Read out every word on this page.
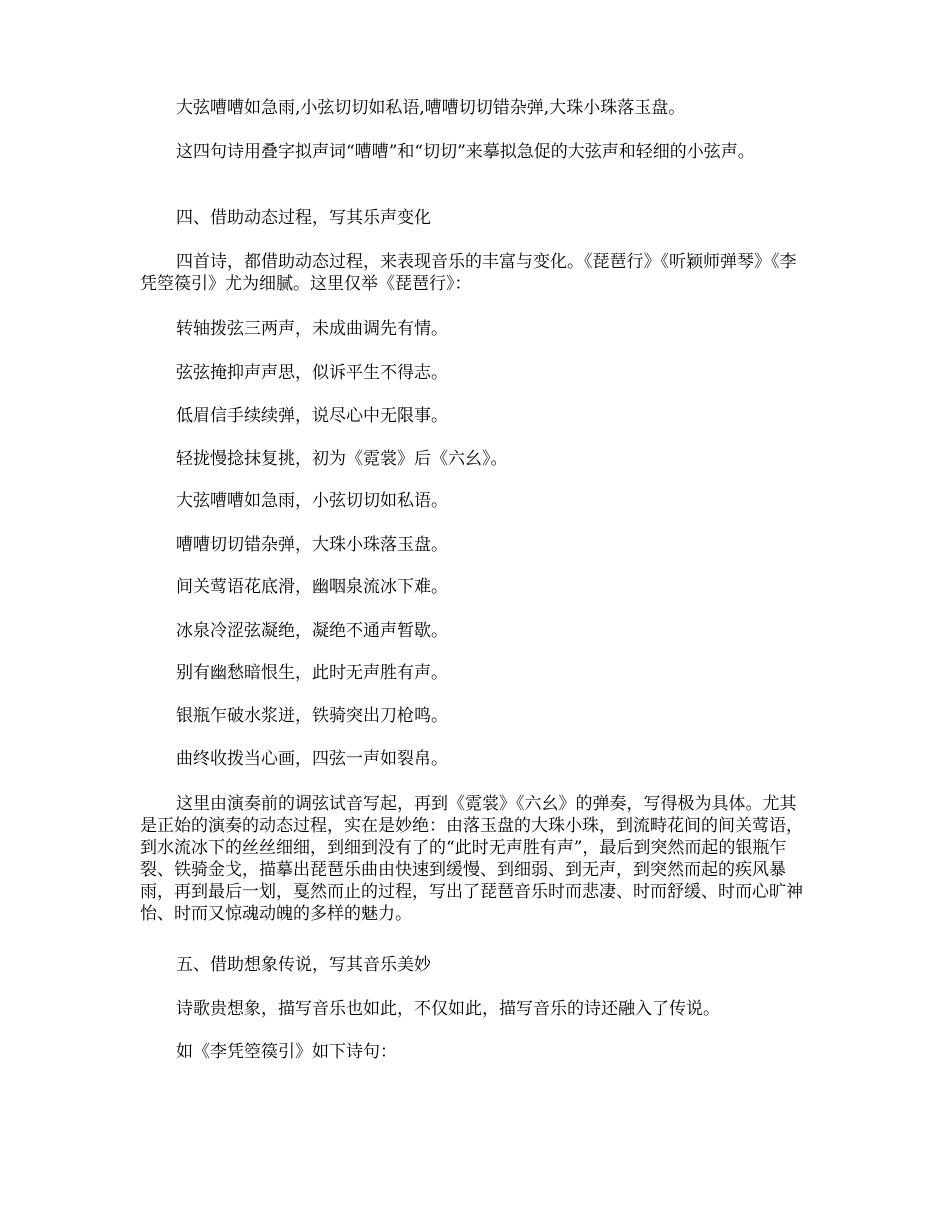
大弦嘈嘈如急雨,小弦切切如私语,嘈嘈切切错杂弹,大珠小珠落玉盘。

这四句诗用叠字拟声词“嘈嘈”和“切切”来摹拟急促的大弦声和轻细的小弦声。

四、借助动态过程，写其乐声变化

四首诗，都借助动态过程，来表现音乐的丰富与变化。《琵琶行》《听颖师弹琴》《李凭箜篌引》尤为细腻。这里仅举《琵琶行》：

转轴拨弦三两声，未成曲调先有情。

弦弦掩抑声声思，似诉平生不得志。

低眉信手续续弹，说尽心中无限事。

轻拢慢捻抹复挑，初为《霓裳》后《六幺》。

大弦嘈嘈如急雨，小弦切切如私语。

嘈嘈切切错杂弹，大珠小珠落玉盘。

间关莺语花底滑，幽咽泉流冰下难。

冰泉冷涩弦凝绝，凝绝不通声暂歇。

别有幽愁暗恨生，此时无声胜有声。

银瓶乍破水浆迸，铁骑突出刀枪鸣。

曲终收拨当心画，四弦一声如裂帛。

这里由演奏前的调弦试音写起，再到《霓裳》《六幺》的弹奏，写得极为具体。尤其是正始的演奏的动态过程，实在是妙绝：由落玉盘的大珠小珠，到流畤花间的间关莺语，到水流冰下的丝丝细细，到细到没有了的“此时无声胜有声”，最后到突然而起的银瓶乍裂、铁骑金戈，描摹出琵琶乐曲由快速到缓慢、到细弱、到无声，到突然而起的疾风暴雨，再到最后一划，戛然而止的过程，写出了琵琶音乐时而悲凄、时而舒缓、时而心旷神怡、时而又惊魂动魄的多样的魅力。

五、借助想象传说，写其音乐美妙

诗歌贵想象，描写音乐也如此，不仅如此，描写音乐的诗还融入了传说。

如《李凭箜篌引》如下诗句：
